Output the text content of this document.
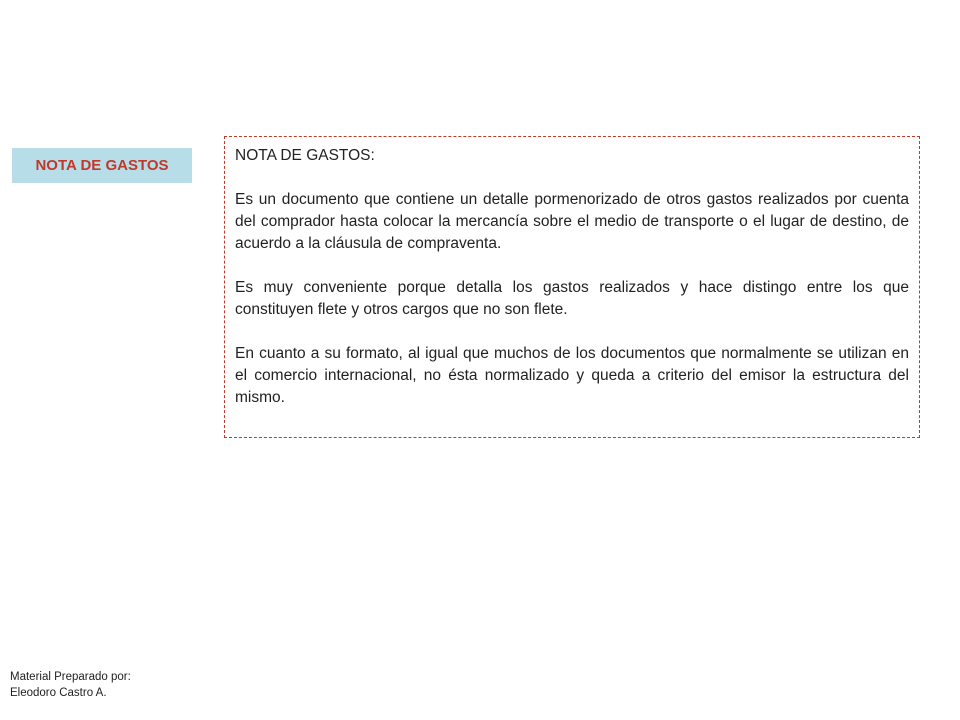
NOTA DE GASTOS

NOTA DE GASTOS:

Es un documento que contiene un detalle pormenorizado de otros gastos realizados por cuenta del comprador hasta colocar la mercancía sobre el medio de transporte o el lugar de destino, de acuerdo a la cláusula de compraventa.

Es muy conveniente porque detalla los gastos realizados y hace distingo entre los que constituyen flete y otros cargos que no son flete.

En cuanto a su formato, al igual que muchos de los documentos que normalmente se utilizan en el comercio internacional, no ésta normalizado y queda a criterio del emisor la estructura del mismo.

Material Preparado por:
Eleodoro Castro A.
